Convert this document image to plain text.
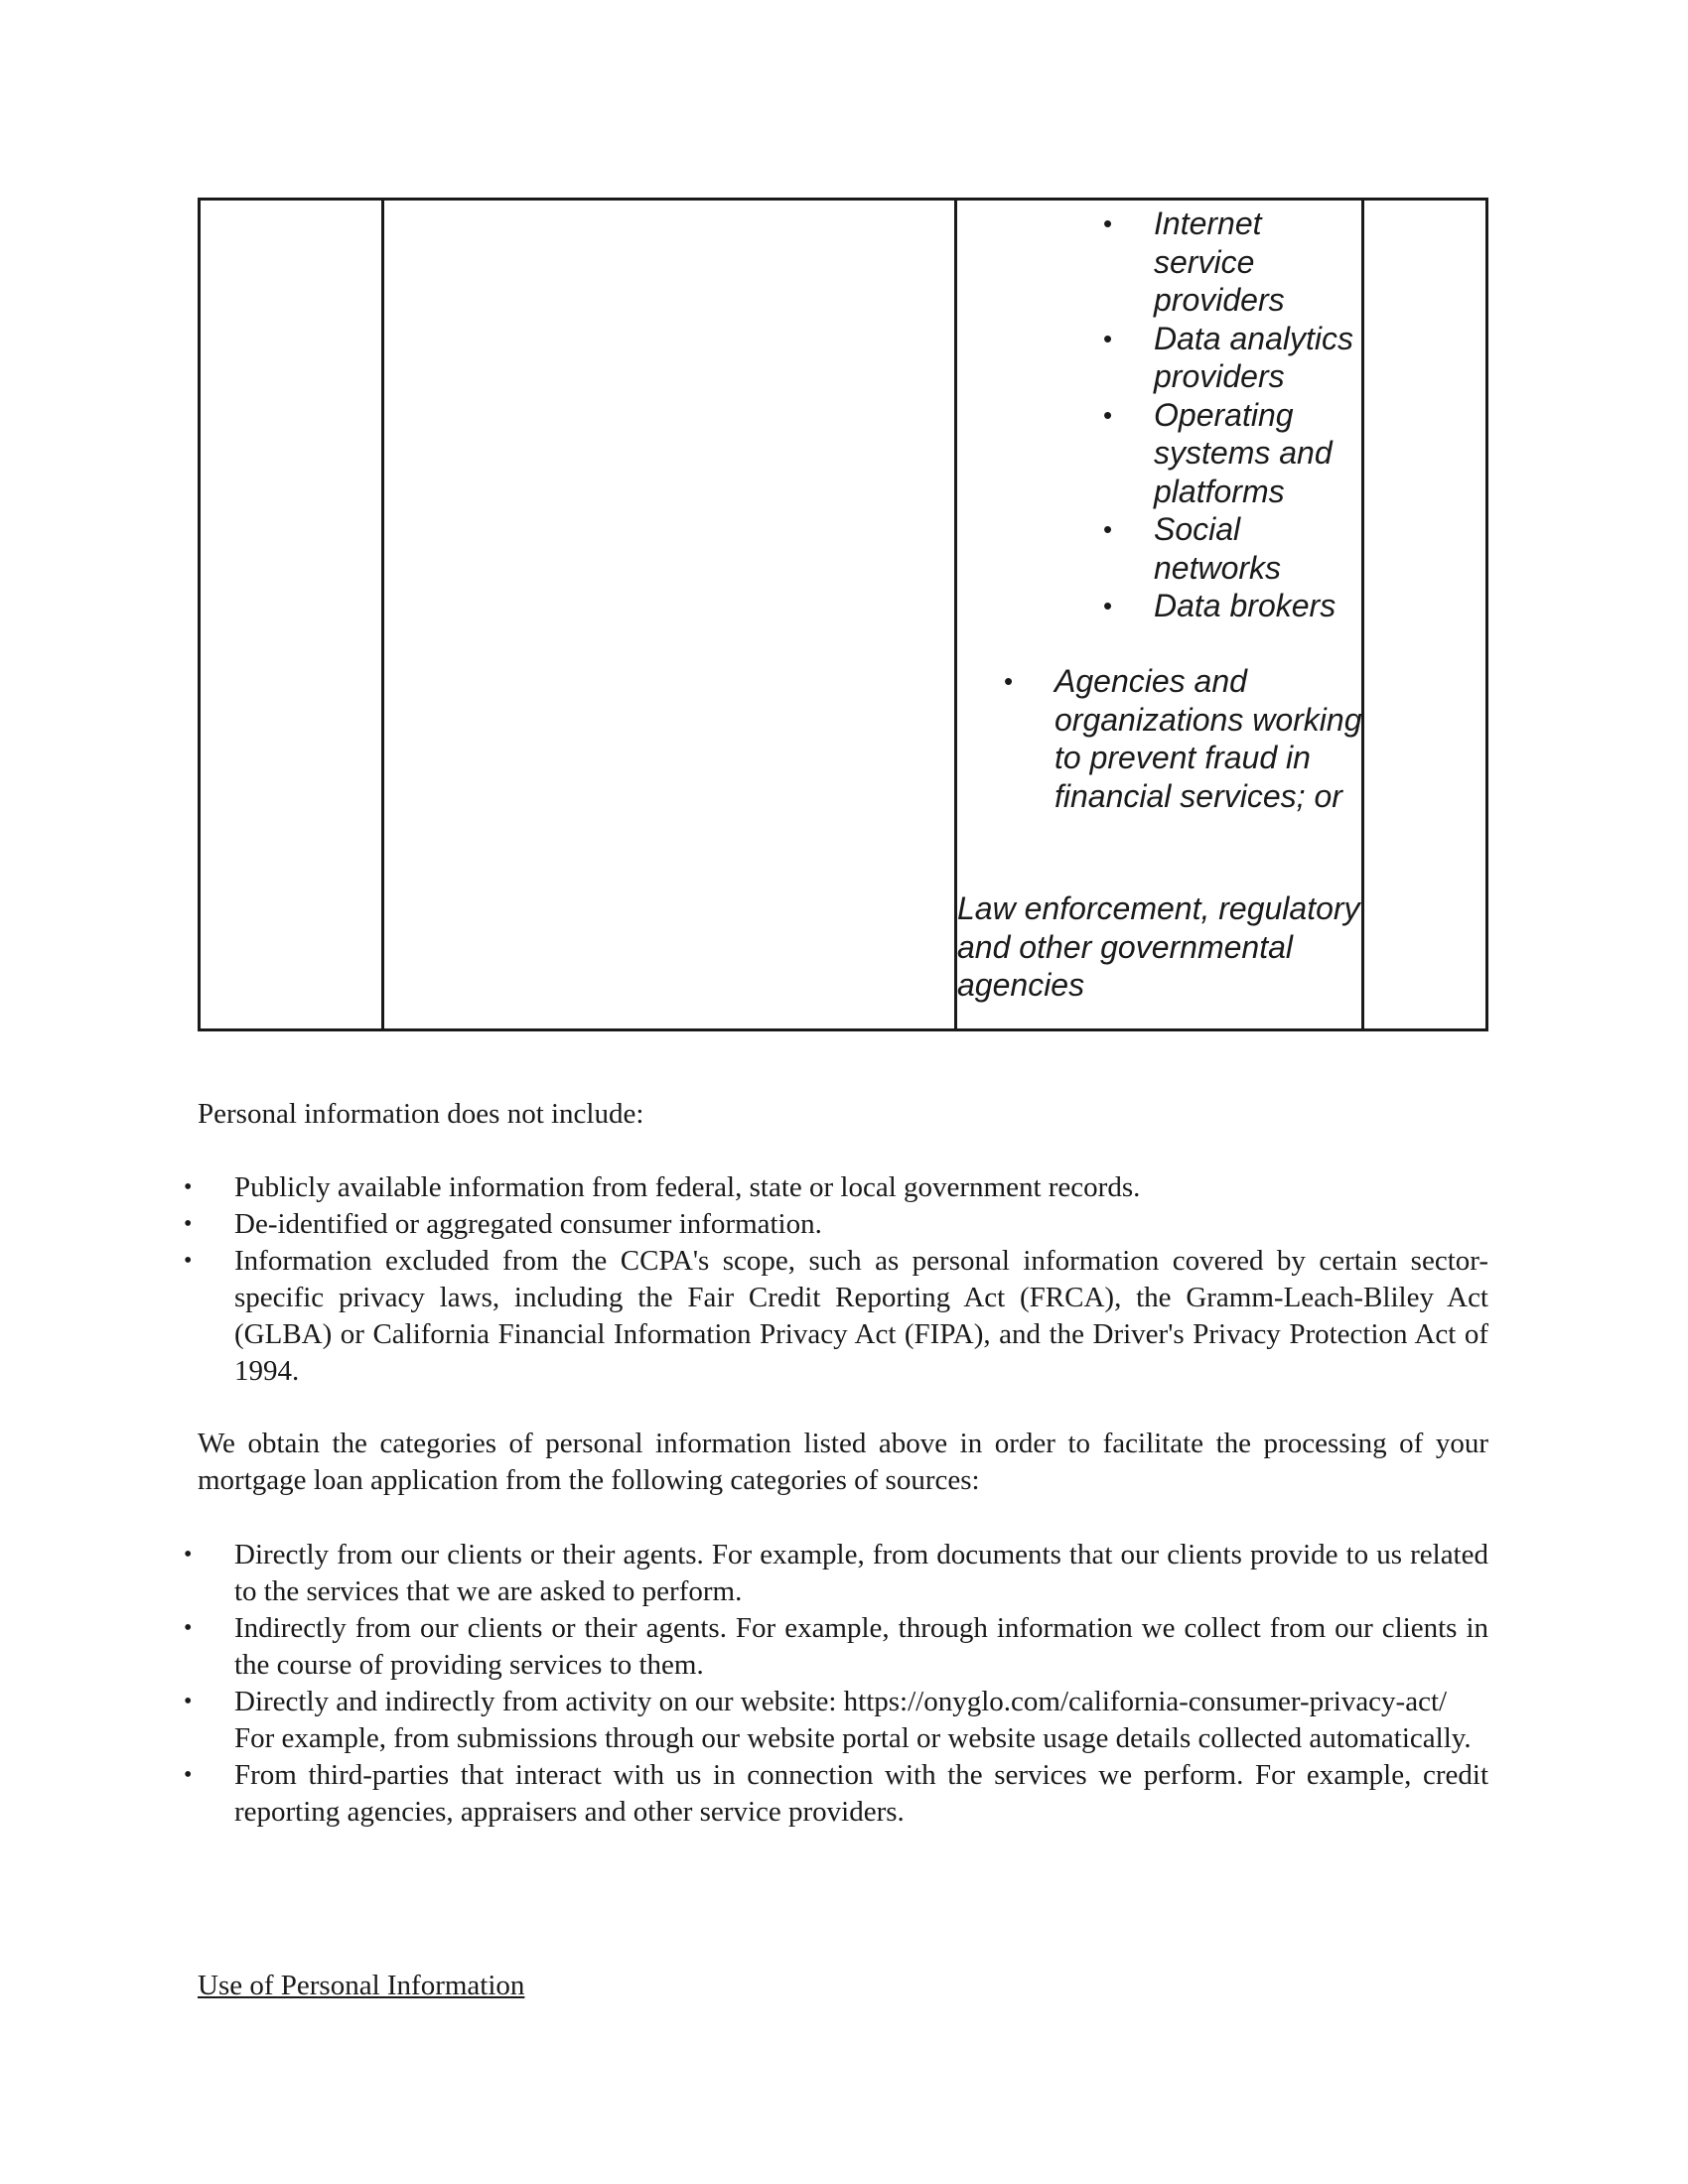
• Internet service providers
• Data analytics providers
• Operating systems and platforms
• Social networks
• Data brokers
• Agencies and organizations working to prevent fraud in financial services; or
Law enforcement, regulatory and other governmental agencies
Personal information does not include:
• Publicly available information from federal, state or local government records.
• De-identified or aggregated consumer information.
• Information excluded from the CCPA's scope, such as personal information covered by certain sector-specific privacy laws, including the Fair Credit Reporting Act (FRCA), the Gramm-Leach-Bliley Act (GLBA) or California Financial Information Privacy Act (FIPA), and the Driver's Privacy Protection Act of 1994.
We obtain the categories of personal information listed above in order to facilitate the processing of your mortgage loan application from the following categories of sources:
• Directly from our clients or their agents. For example, from documents that our clients provide to us related to the services that we are asked to perform.
• Indirectly from our clients or their agents. For example, through information we collect from our clients in the course of providing services to them.
• Directly and indirectly from activity on our website: https://onyglo.com/california-consumer-privacy-act/
For example, from submissions through our website portal or website usage details collected automatically.
• From third-parties that interact with us in connection with the services we perform. For example, credit reporting agencies, appraisers and other service providers.
Use of Personal Information
